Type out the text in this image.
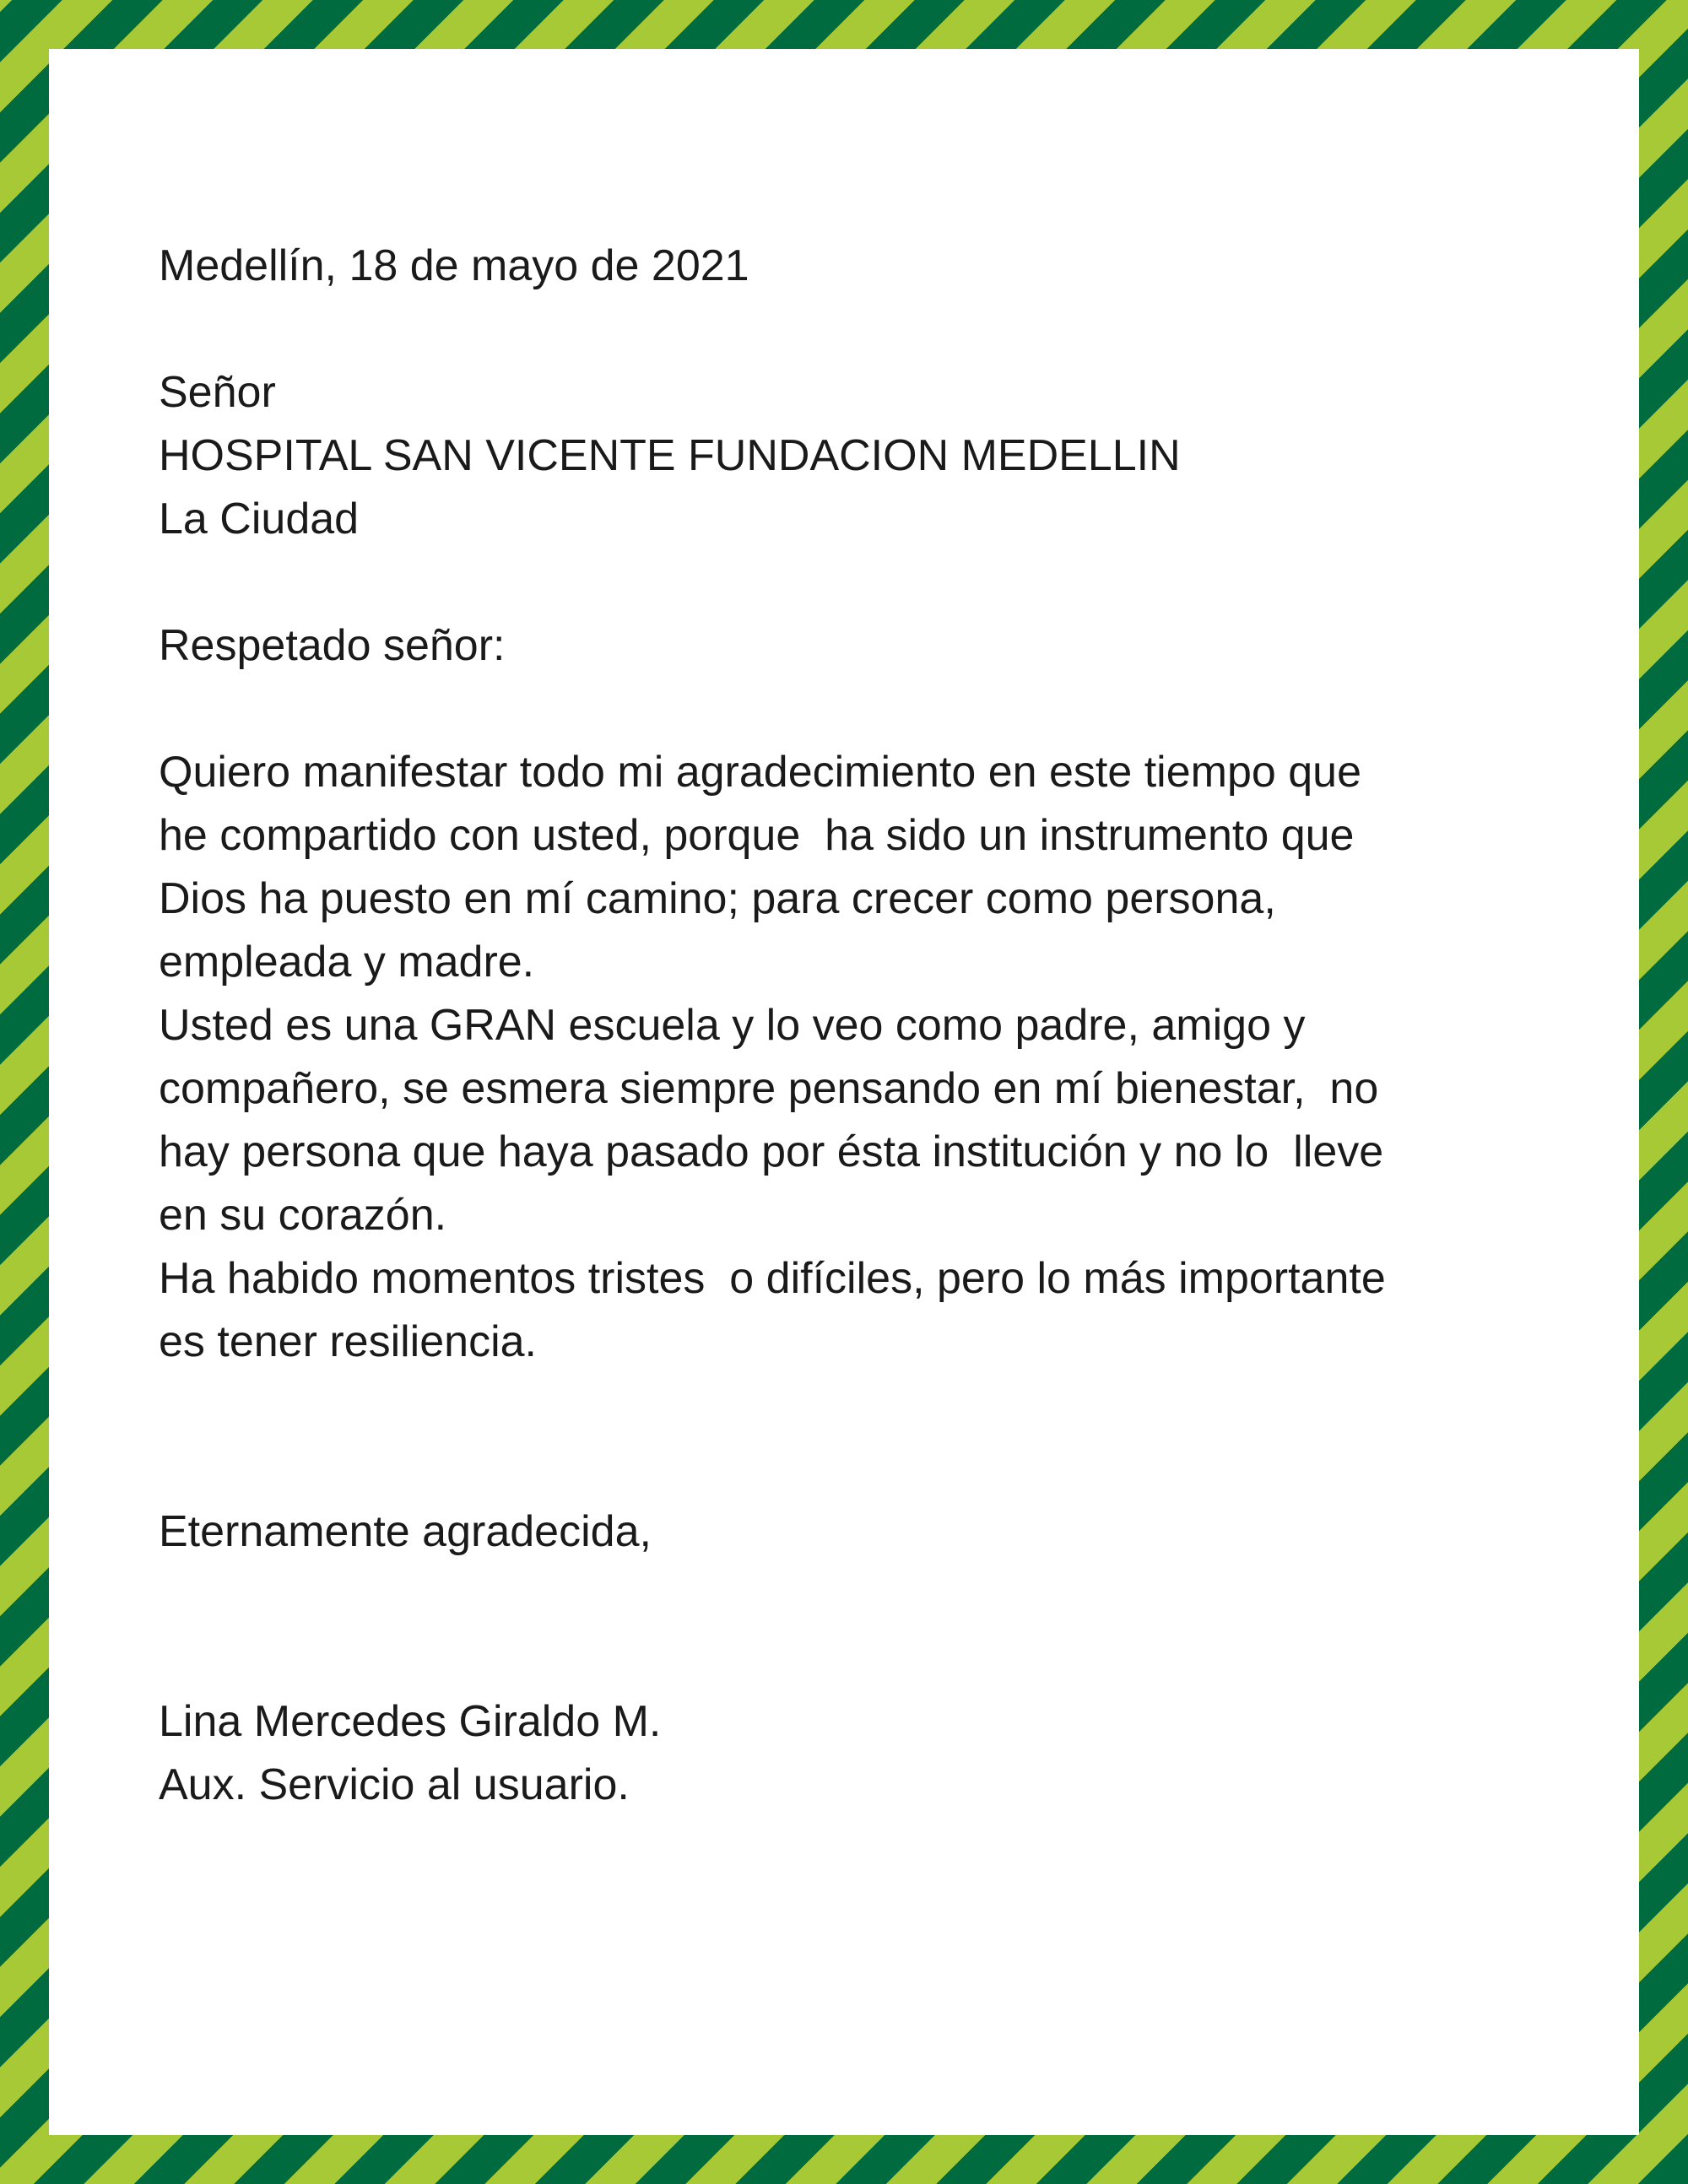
Medellín, 18 de mayo de 2021
Señor
HOSPITAL SAN VICENTE FUNDACION MEDELLIN
La Ciudad
Respetado señor:
Quiero manifestar todo mi agradecimiento en este tiempo que
he compartido con usted, porque  ha sido un instrumento que
Dios ha puesto en mí camino; para crecer como persona,
empleada y madre.
Usted es una GRAN escuela y lo veo como padre, amigo y
compañero, se esmera siempre pensando en mí bienestar,  no
hay persona que haya pasado por ésta institución y no lo  lleve
en su corazón.
Ha habido momentos tristes  o difíciles, pero lo más importante
es tener resiliencia.
Eternamente agradecida,
Lina Mercedes Giraldo M.
Aux. Servicio al usuario.
